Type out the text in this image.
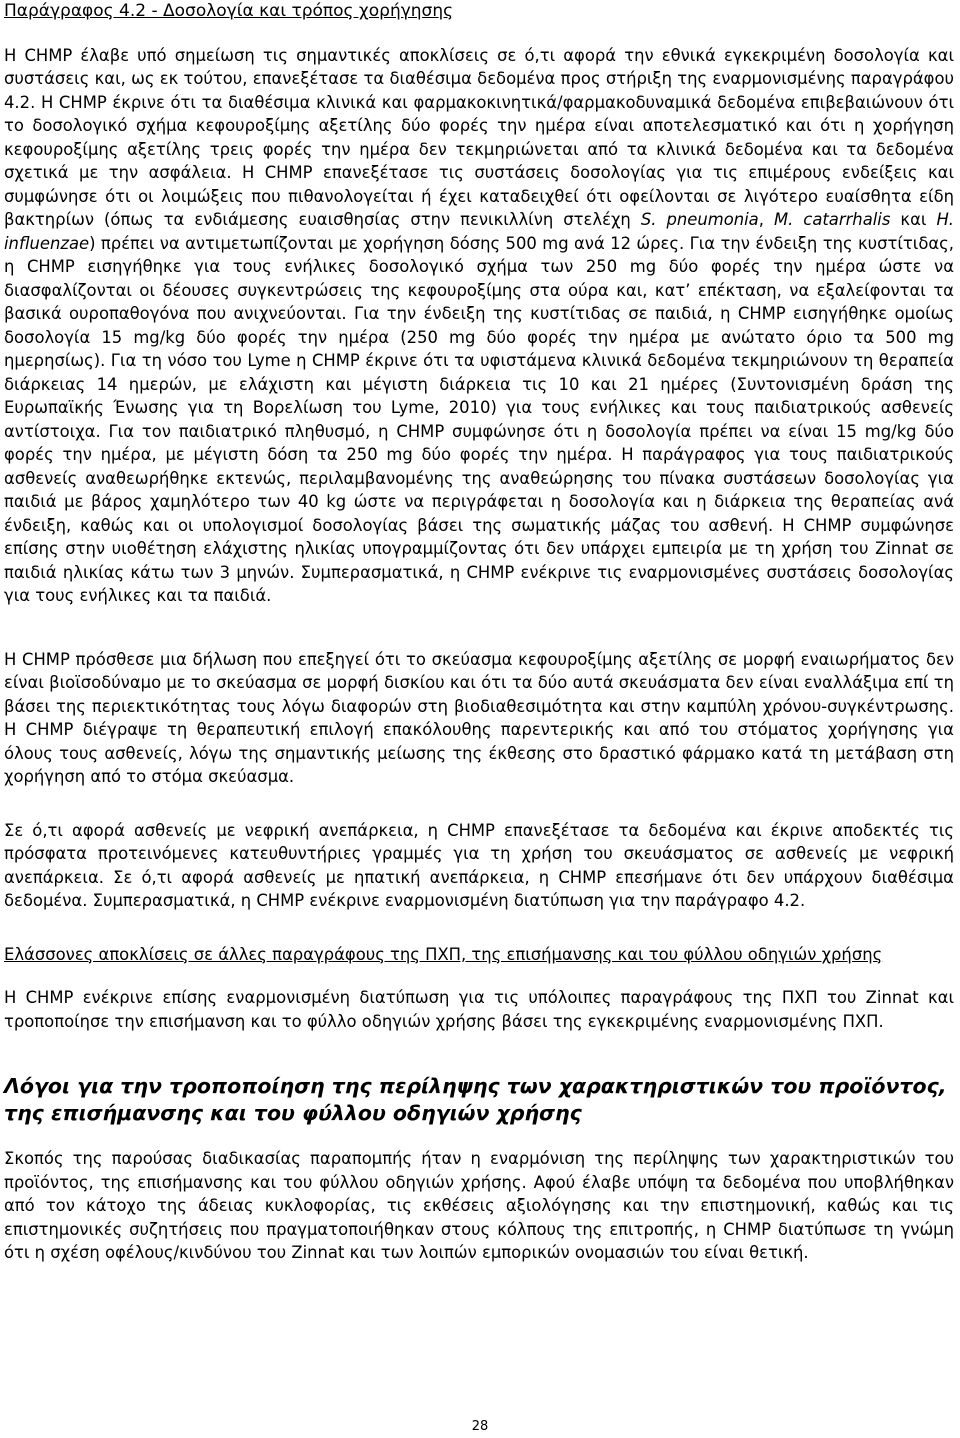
Παράγραφος 4.2 - Δοσολογία και τρόπος χορήγησης

Η CHMP έλαβε υπό σημείωση τις σημαντικές αποκλίσεις σε ό,τι αφορά την εθνικά εγκεκριμένη δοσολογία και συστάσεις και, ως εκ τούτου, επανεξέτασε τα διαθέσιμα δεδομένα προς στήριξη της εναρμονισμένης παραγράφου 4.2. Η CHMP έκρινε ότι τα διαθέσιμα κλινικά και φαρμακοκινητικά/φαρμακοδυναμικά δεδομένα επιβεβαιώνουν ότι το δοσολογικό σχήμα κεφουροξίμης αξετίλης δύο φορές την ημέρα είναι αποτελεσματικό και ότι η χορήγηση κεφουροξίμης αξετίλης τρεις φορές την ημέρα δεν τεκμηριώνεται από τα κλινικά δεδομένα και τα δεδομένα σχετικά με την ασφάλεια. Η CHMP επανεξέτασε τις συστάσεις δοσολογίας για τις επιμέρους ενδείξεις και συμφώνησε ότι οι λοιμώξεις που πιθανολογείται ή έχει καταδειχθεί ότι οφείλονται σε λιγότερο ευαίσθητα είδη βακτηρίων (όπως τα ενδιάμεσης ευαισθησίας στην πενικιλλίνη στελέχη S. pneumonia, M. catarrhalis και H. influenzae) πρέπει να αντιμετωπίζονται με χορήγηση δόσης 500 mg ανά 12 ώρες. Για την ένδειξη της κυστίτιδας, η CHMP εισηγήθηκε για τους ενήλικες δοσολογικό σχήμα των 250 mg δύο φορές την ημέρα ώστε να διασφαλίζονται οι δέουσες συγκεντρώσεις της κεφουροξίμης στα ούρα και, κατ’ επέκταση, να εξαλείφονται τα βασικά ουροπαθογόνα που ανιχνεύονται. Για την ένδειξη της κυστίτιδας σε παιδιά, η CHMP εισηγήθηκε ομοίως δοσολογία 15 mg/kg δύο φορές την ημέρα (250 mg δύο φορές την ημέρα με ανώτατο όριο τα 500 mg ημερησίως). Για τη νόσο του Lyme η CHMP έκρινε ότι τα υφιστάμενα κλινικά δεδομένα τεκμηριώνουν τη θεραπεία διάρκειας 14 ημερών, με ελάχιστη και μέγιστη διάρκεια τις 10 και 21 ημέρες (Συντονισμένη δράση της Ευρωπαϊκής Ένωσης για τη Βορελίωση του Lyme, 2010) για τους ενήλικες και τους παιδιατρικούς ασθενείς αντίστοιχα. Για τον παιδιατρικό πληθυσμό, η CHMP συμφώνησε ότι η δοσολογία πρέπει να είναι 15 mg/kg δύο φορές την ημέρα, με μέγιστη δόση τα 250 mg δύο φορές την ημέρα. Η παράγραφος για τους παιδιατρικούς ασθενείς αναθεωρήθηκε εκτενώς, περιλαμβανομένης της αναθεώρησης του πίνακα συστάσεων δοσολογίας για παιδιά με βάρος χαμηλότερο των 40 kg ώστε να περιγράφεται η δοσολογία και η διάρκεια της θεραπείας ανά ένδειξη, καθώς και οι υπολογισμοί δοσολογίας βάσει της σωματικής μάζας του ασθενή. Η CHMP συμφώνησε επίσης στην υιοθέτηση ελάχιστης ηλικίας υπογραμμίζοντας ότι δεν υπάρχει εμπειρία με τη χρήση του Zinnat σε παιδιά ηλικίας κάτω των 3 μηνών. Συμπερασματικά, η CHMP ενέκρινε τις εναρμονισμένες συστάσεις δοσολογίας για τους ενήλικες και τα παιδιά.

Η CHMP πρόσθεσε μια δήλωση που επεξηγεί ότι το σκεύασμα κεφουροξίμης αξετίλης σε μορφή εναιωρήματος δεν είναι βιοϊσοδύναμο με το σκεύασμα σε μορφή δισκίου και ότι τα δύο αυτά σκευάσματα δεν είναι εναλλάξιμα επί τη βάσει της περιεκτικότητας τους λόγω διαφορών στη βιοδιαθεσιμότητα και στην καμπύλη χρόνου-συγκέντρωσης. Η CHMP διέγραψε τη θεραπευτική επιλογή επακόλουθης παρεντερικής και από του στόματος χορήγησης για όλους τους ασθενείς, λόγω της σημαντικής μείωσης της έκθεσης στο δραστικό φάρμακο κατά τη μετάβαση στη χορήγηση από το στόμα σκεύασμα.

Σε ό,τι αφορά ασθενείς με νεφρική ανεπάρκεια, η CHMP επανεξέτασε τα δεδομένα και έκρινε αποδεκτές τις πρόσφατα προτεινόμενες κατευθυντήριες γραμμές για τη χρήση του σκευάσματος σε ασθενείς με νεφρική ανεπάρκεια. Σε ό,τι αφορά ασθενείς με ηπατική ανεπάρκεια, η CHMP επεσήμανε ότι δεν υπάρχουν διαθέσιμα δεδομένα. Συμπερασματικά, η CHMP ενέκρινε εναρμονισμένη διατύπωση για την παράγραφο 4.2.

Ελάσσονες αποκλίσεις σε άλλες παραγράφους της ΠΧΠ, της επισήμανσης και του φύλλου οδηγιών χρήσης

Η CHMP ενέκρινε επίσης εναρμονισμένη διατύπωση για τις υπόλοιπες παραγράφους της ΠΧΠ του Zinnat και τροποποίησε την επισήμανση και το φύλλο οδηγιών χρήσης βάσει της εγκεκριμένης εναρμονισμένης ΠΧΠ.

Λόγοι για την τροποποίηση της περίληψης των χαρακτηριστικών του προϊόντος, της επισήμανσης και του φύλλου οδηγιών χρήσης

Σκοπός της παρούσας διαδικασίας παραπομπής ήταν η εναρμόνιση της περίληψης των χαρακτηριστικών του προϊόντος, της επισήμανσης και του φύλλου οδηγιών χρήσης. Αφού έλαβε υπόψη τα δεδομένα που υποβλήθηκαν από τον κάτοχο της άδειας κυκλοφορίας, τις εκθέσεις αξιολόγησης και την επιστημονική, καθώς και τις επιστημονικές συζητήσεις που πραγματοποιήθηκαν στους κόλπους της επιτροπής, η CHMP διατύπωσε τη γνώμη ότι η σχέση οφέλους/κινδύνου του Zinnat και των λοιπών εμπορικών ονομασιών του είναι θετική.

28
